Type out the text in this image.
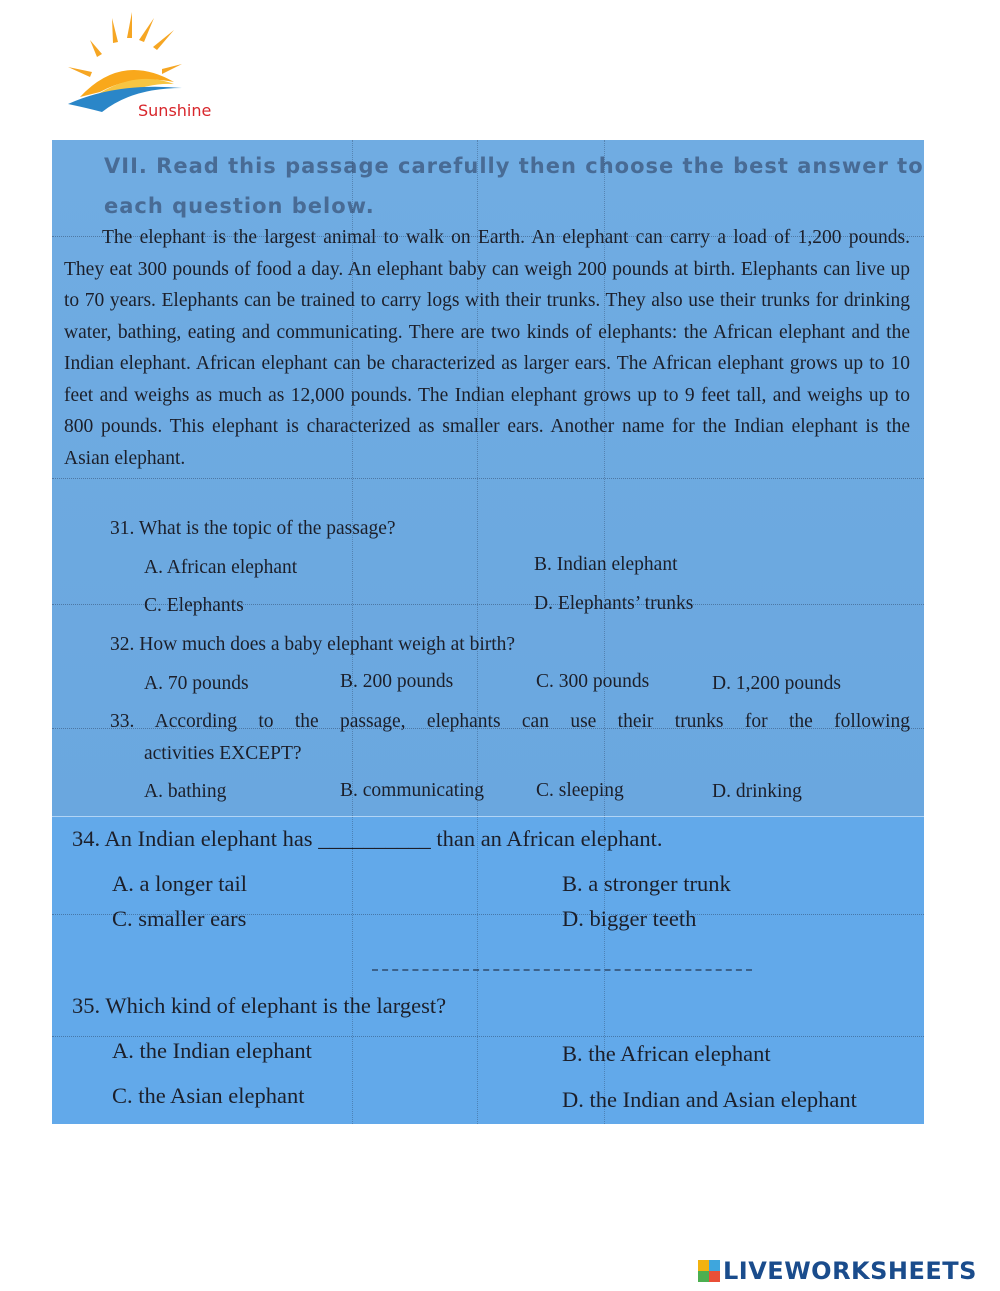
Sunshine
VII. Read this passage carefully then choose the best answer to each question below.
The elephant is the largest animal to walk on Earth. An elephant can carry a load of 1,200 pounds. They eat 300 pounds of food a day. An elephant baby can weigh 200 pounds at birth. Elephants can live up to 70 years. Elephants can be trained to carry logs with their trunks. They also use their trunks for drinking water, bathing, eating and communicating. There are two kinds of elephants: the African elephant and the Indian elephant. African elephant can be characterized as larger ears. The African elephant grows up to 10 feet and weighs as much as 12,000 pounds. The Indian elephant grows up to 9 feet tall, and weighs up to 800 pounds. This elephant is characterized as smaller ears. Another name for the Indian elephant is the Asian elephant.
31. What is the topic of the passage?
A. African elephant	B. Indian elephant
C. Elephants	D. Elephants’ trunks
32. How much does a baby elephant weigh at birth?
A. 70 pounds	B. 200 pounds	C. 300 pounds	D. 1,200 pounds
33. According to the passage, elephants can use their trunks for the following
activities EXCEPT?
A. bathing	B. communicating	C. sleeping	D. drinking
34. An Indian elephant has __________ than an African elephant.
A. a longer tail	B. a stronger trunk
C. smaller ears	D. bigger teeth
35. Which kind of elephant is the largest?
A. the Indian elephant	B. the African elephant
C. the Asian elephant	D. the Indian and Asian elephant
LIVEWORKSHEETS
